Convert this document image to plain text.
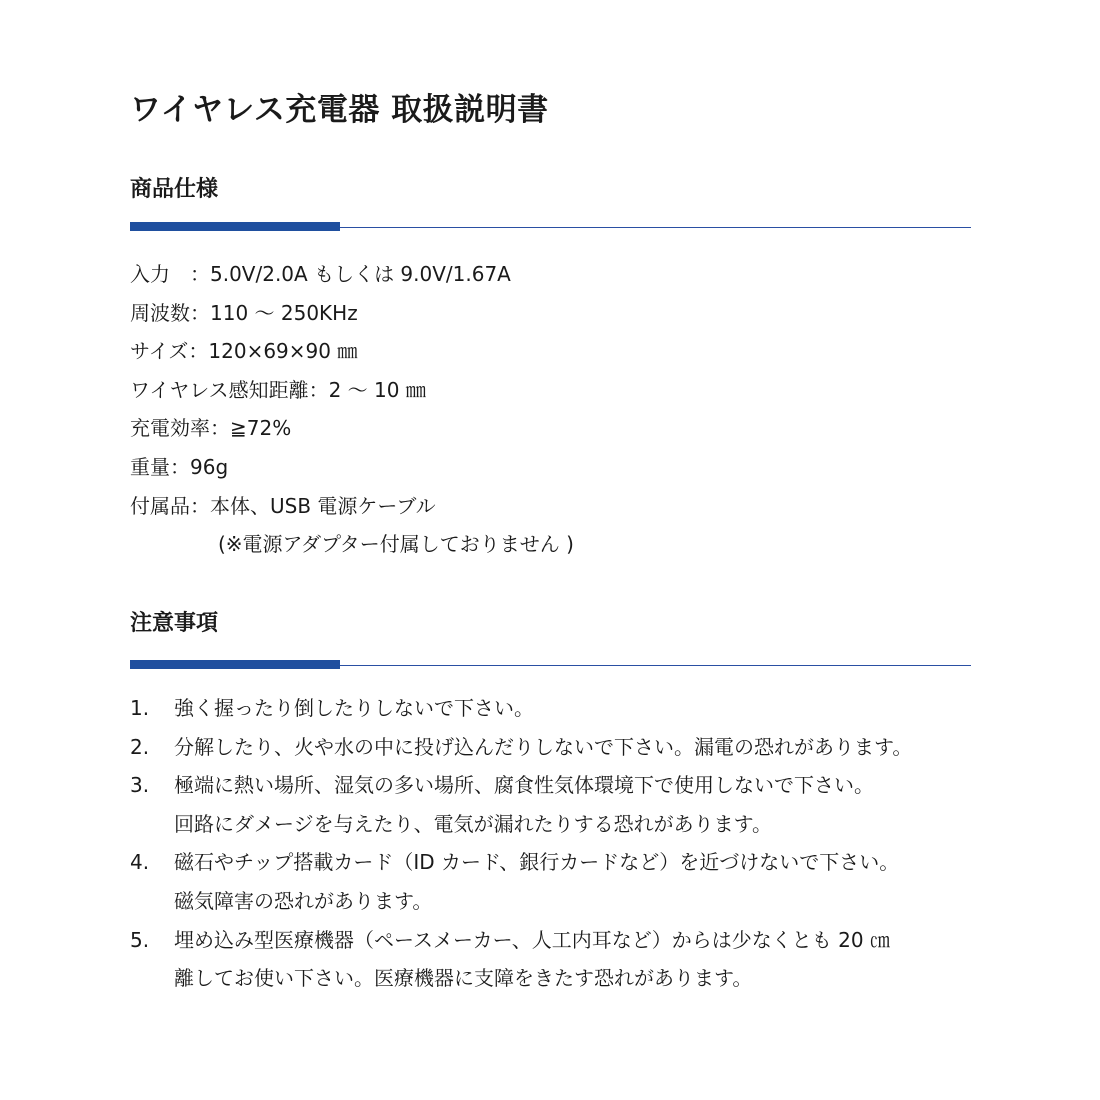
ワイヤレス充電器 取扱説明書
商品仕様
入力　：5.0V/2.0A もしくは 9.0V/1.67A
周波数：110 ～ 250KHz
サイズ：120×69×90 ㎜
ワイヤレス感知距離：2 ～ 10 ㎜
充電効率：≧72%
重量：96g
付属品：本体、USB 電源ケーブル
(※電源アダプター付属しておりません )
注意事項
1. 強く握ったり倒したりしないで下さい。
2. 分解したり、火や水の中に投げ込んだりしないで下さい。漏電の恐れがあります。
3. 極端に熱い場所、湿気の多い場所、腐食性気体環境下で使用しないで下さい。
回路にダメージを与えたり、電気が漏れたりする恐れがあります。
4. 磁石やチップ搭載カード（ID カード、銀行カードなど）を近づけないで下さい。
磁気障害の恐れがあります。
5. 埋め込み型医療機器（ペースメーカー、人工内耳など）からは少なくとも 20 ㎝
離してお使い下さい。医療機器に支障をきたす恐れがあります。
